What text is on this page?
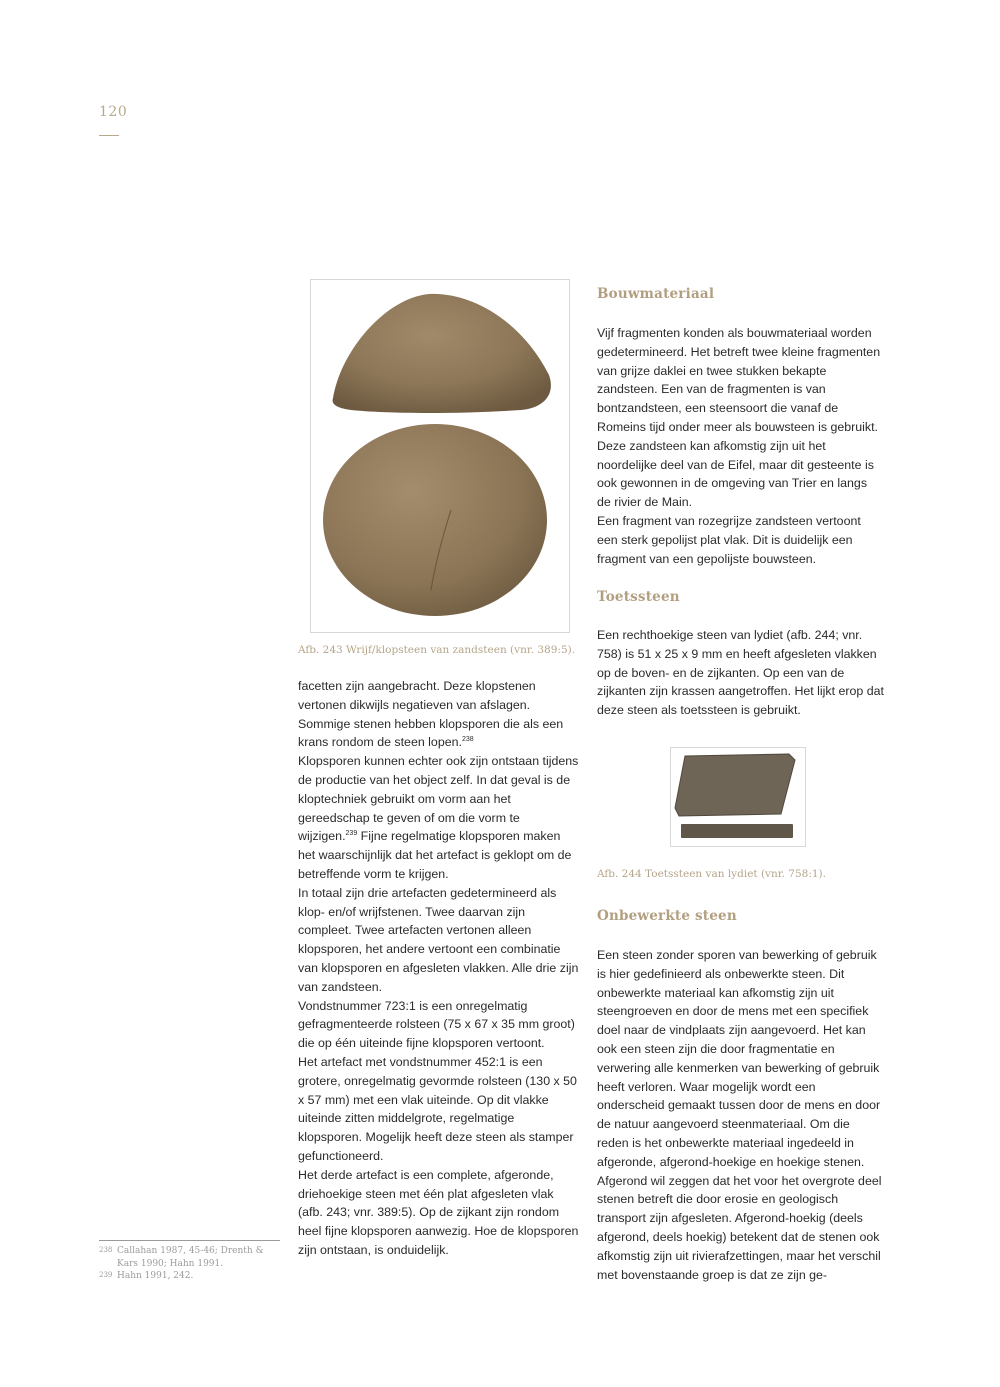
120
Afb. 243 Wrijf/klopsteen van zandsteen (vnr. 389:5).

facetten zijn aangebracht. Deze klopstenen vertonen dikwijls negatieven van afslagen. Sommige stenen hebben klopsporen die als een krans rondom de steen lopen.$^{238}$

Klopsporen kunnen echter ook zijn ontstaan tijdens de productie van het object zelf. In dat geval is de kloptechniek gebruikt om vorm aan het gereedschap te geven of om die vorm te wijzigen.$^{239}$ Fijne regelmatige klopsporen maken het waarschijnlijk dat het artefact is geklopt om de betreffende vorm te krijgen.

In totaal zijn drie artefacten gedetermineerd als klop- en/of wrijfstenen. Twee daarvan zijn compleet. Twee artefacten vertonen alleen klopsporen, het andere vertoont een combinatie van klopsporen en afgesleten vlakken. Alle drie zijn van zandsteen.

Vondstnummer 723:1 is een onregelmatig gefragmenteerde rolsteen (75 x 67 x 35 mm groot) die op één uiteinde fijne klopsporen vertoont.

Het artefact met vondstnummer 452:1 is een grotere, onregelmatig gevormde rolsteen (130 x 50 x 57 mm) met een vlak uiteinde. Op dit vlakke uiteinde zitten middelgrote, regelmatige klopsporen. Mogelijk heeft deze steen als stamper gefunctioneerd.

Het derde artefact is een complete, afgeronde, driehoekige steen met één plat afgesleten vlak (afb. 243; vnr. 389:5). Op de zijkant zijn rondom heel fijne klopsporen aanwezig. Hoe de klopsporen zijn ontstaan, is onduidelijk.

Bouwmateriaal

Vijf fragmenten konden als bouwmateriaal worden gedetermineerd. Het betreft twee kleine fragmenten van grijze daklei en twee stukken bekapte zandsteen. Een van de fragmenten is van bontzandsteen, een steensoort die vanaf de Romeins tijd onder meer als bouwsteen is gebruikt. Deze zandsteen kan afkomstig zijn uit het noordelijke deel van de Eifel, maar dit gesteente is ook gewonnen in de omgeving van Trier en langs de rivier de Main.

Een fragment van rozegrijze zandsteen vertoont een sterk gepolijst plat vlak. Dit is duidelijk een fragment van een gepolijste bouwsteen.

Toetssteen

Een rechthoekige steen van lydiet (afb. 244; vnr. 758) is 51 x 25 x 9 mm en heeft afgesleten vlakken op de boven- en de zijkanten. Op een van de zijkanten zijn krassen aangetroffen. Het lijkt erop dat deze steen als toetssteen is gebruikt.

Afb. 244 Toetssteen van lydiet (vnr. 758:1).
Onbewerkte steen

Een steen zonder sporen van bewerking of gebruik is hier gedefinieerd als onbewerkte steen. Dit onbewerkte materiaal kan afkomstig zijn uit steengroeven en door de mens met een specifiek doel naar de vindplaats zijn aangevoerd. Het kan ook een steen zijn die door fragmentatie en verwering alle kenmerken van bewerking of gebruik heeft verloren. Waar mogelijk wordt een onderscheid gemaakt tussen door de mens en door de natuur aangevoerd steenmateriaal. Om die reden is het onbewerkte materiaal ingedeeld in afgeronde, afgerond-hoekige en hoekige stenen. Afgerond wil zeggen dat het voor het overgrote deel stenen betreft die door erosie en geologisch transport zijn afgesleten. Afgerond-hoekig (deels afgerond, deels hoekig) betekent dat de stenen ook afkomstig zijn uit rivierafzettingen, maar het verschil met bovenstaande groep is dat ze zijn ge-

238 Callahan 1987, 45-46; Drenth & Kars 1990; Hahn 1991.

239 Hahn 1991, 242.
